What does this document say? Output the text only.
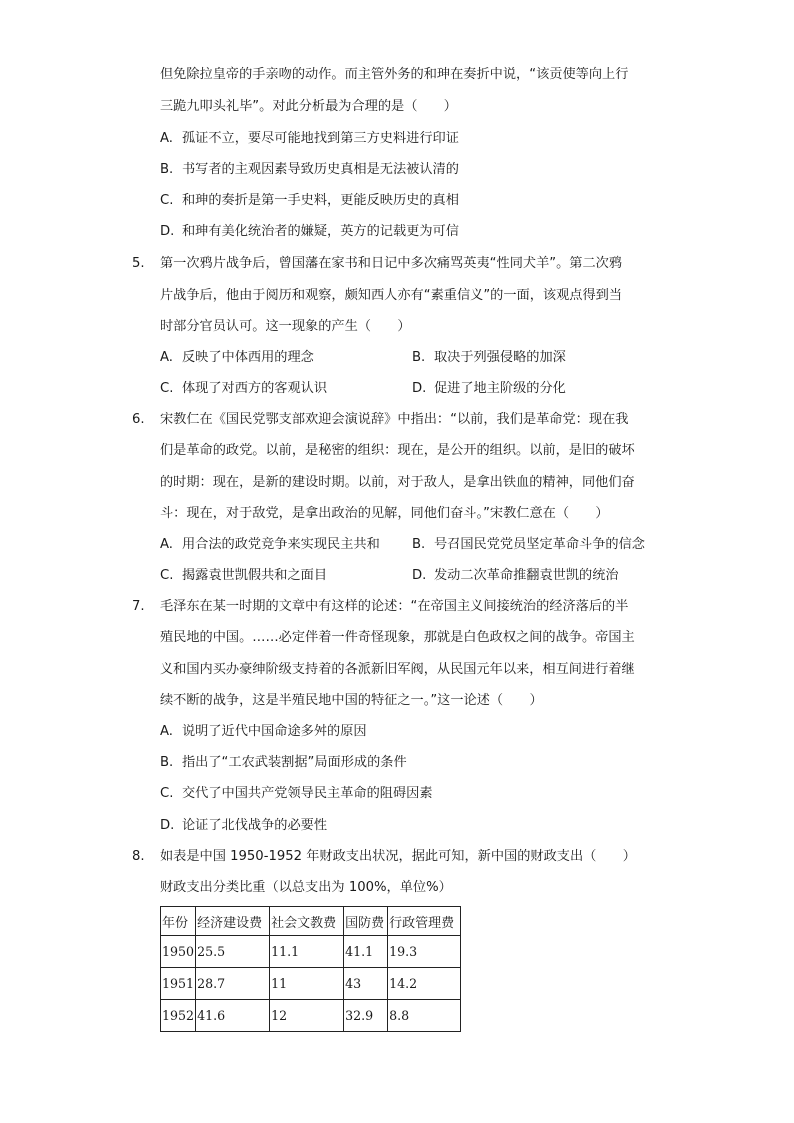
但免除拉皇帝的手亲吻的动作。而主管外务的和珅在奏折中说，“该贡使等向上行
三跪九叩头礼毕”。对此分析最为合理的是（　　）
A. 孤证不立，要尽可能地找到第三方史料进行印证
B. 书写者的主观因素导致历史真相是无法被认清的
C. 和珅的奏折是第一手史料，更能反映历史的真相
D. 和珅有美化统治者的嫌疑，英方的记载更为可信
5. 第一次鸦片战争后，曾国藩在家书和日记中多次痛骂英夷“性同犬羊”。第二次鸦
片战争后，他由于阅历和观察，颇知西人亦有“素重信义”的一面，该观点得到当
时部分官员认可。这一现象的产生（　　）
A. 反映了中体西用的理念	B. 取决于列强侵略的加深
C. 体现了对西方的客观认识	D. 促进了地主阶级的分化
6. 宋教仁在《国民党鄂支部欢迎会演说辞》中指出：“以前，我们是革命党：现在我
们是革命的政党。以前，是秘密的组织：现在，是公开的组织。以前，是旧的破坏
的时期：现在，是新的建设时期。以前，对于敌人，是拿出铁血的精神，同他们奋
斗：现在，对于敌党，是拿出政治的见解，同他们奋斗。”宋教仁意在（　　）
A. 用合法的政党竞争来实现民主共和 B. 号召国民党党员坚定革命斗争的信念
C. 揭露袁世凯假共和之面目	D. 发动二次革命推翻袁世凯的统治
7. 毛泽东在某一时期的文章中有这样的论述：“在帝国主义间接统治的经济落后的半
殖民地的中国。……必定伴着一件奇怪现象，那就是白色政权之间的战争。帝国主
义和国内买办豪绅阶级支持着的各派新旧军阀，从民国元年以来，相互间进行着继
续不断的战争，这是半殖民地中国的特征之一。”这一论述（　　）
A. 说明了近代中国命途多舛的原因
B. 指出了“工农武装割据”局面形成的条件
C. 交代了中国共产党领导民主革命的阻碍因素
D. 论证了北伐战争的必要性
8. 如表是中国 1950-1952 年财政支出状况，据此可知，新中国的财政支出（　　）
财政支出分类比重（以总支出为 100%，单位%）
年份	经济建设费	社会文教费	国防费	行政管理费
1950	25.5	11.1	41.1	19.3
1951	28.7	11	43	14.2
1952	41.6	12	32.9	8.8
